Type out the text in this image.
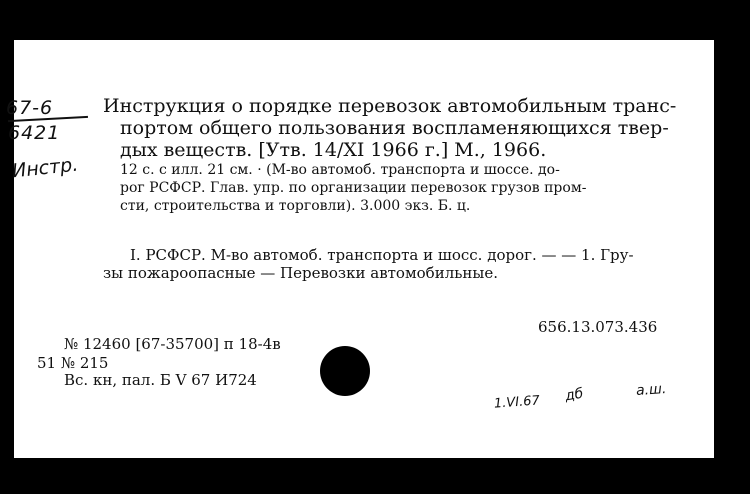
67-6
6421
Инстр.
Инструкция о порядке перевозок автомобильным транс-
портом общего пользования воспламеняющихся твер-
дых веществ. [Утв. 14/XI 1966 г.] М., 1966.
12 с. с илл. 21 см. · (М-во автомоб. транспорта и шоссе. до-
рог РСФСР. Глав. упр. по организации перевозок грузов пром-
сти, строительства и торговли). 3.000 экз. Б. ц.
I. РСФСР. М-во автомоб. транспорта и шосс. дорог. — — 1. Гру-
зы пожароопасные — Перевозки автомобильные.
656.13.073.436
№ 12460 [67-35700] п 18-4в
51 № 215
Вс. кн, пал. Б V 67 И724
1.VI.67 дб	а.ш.
